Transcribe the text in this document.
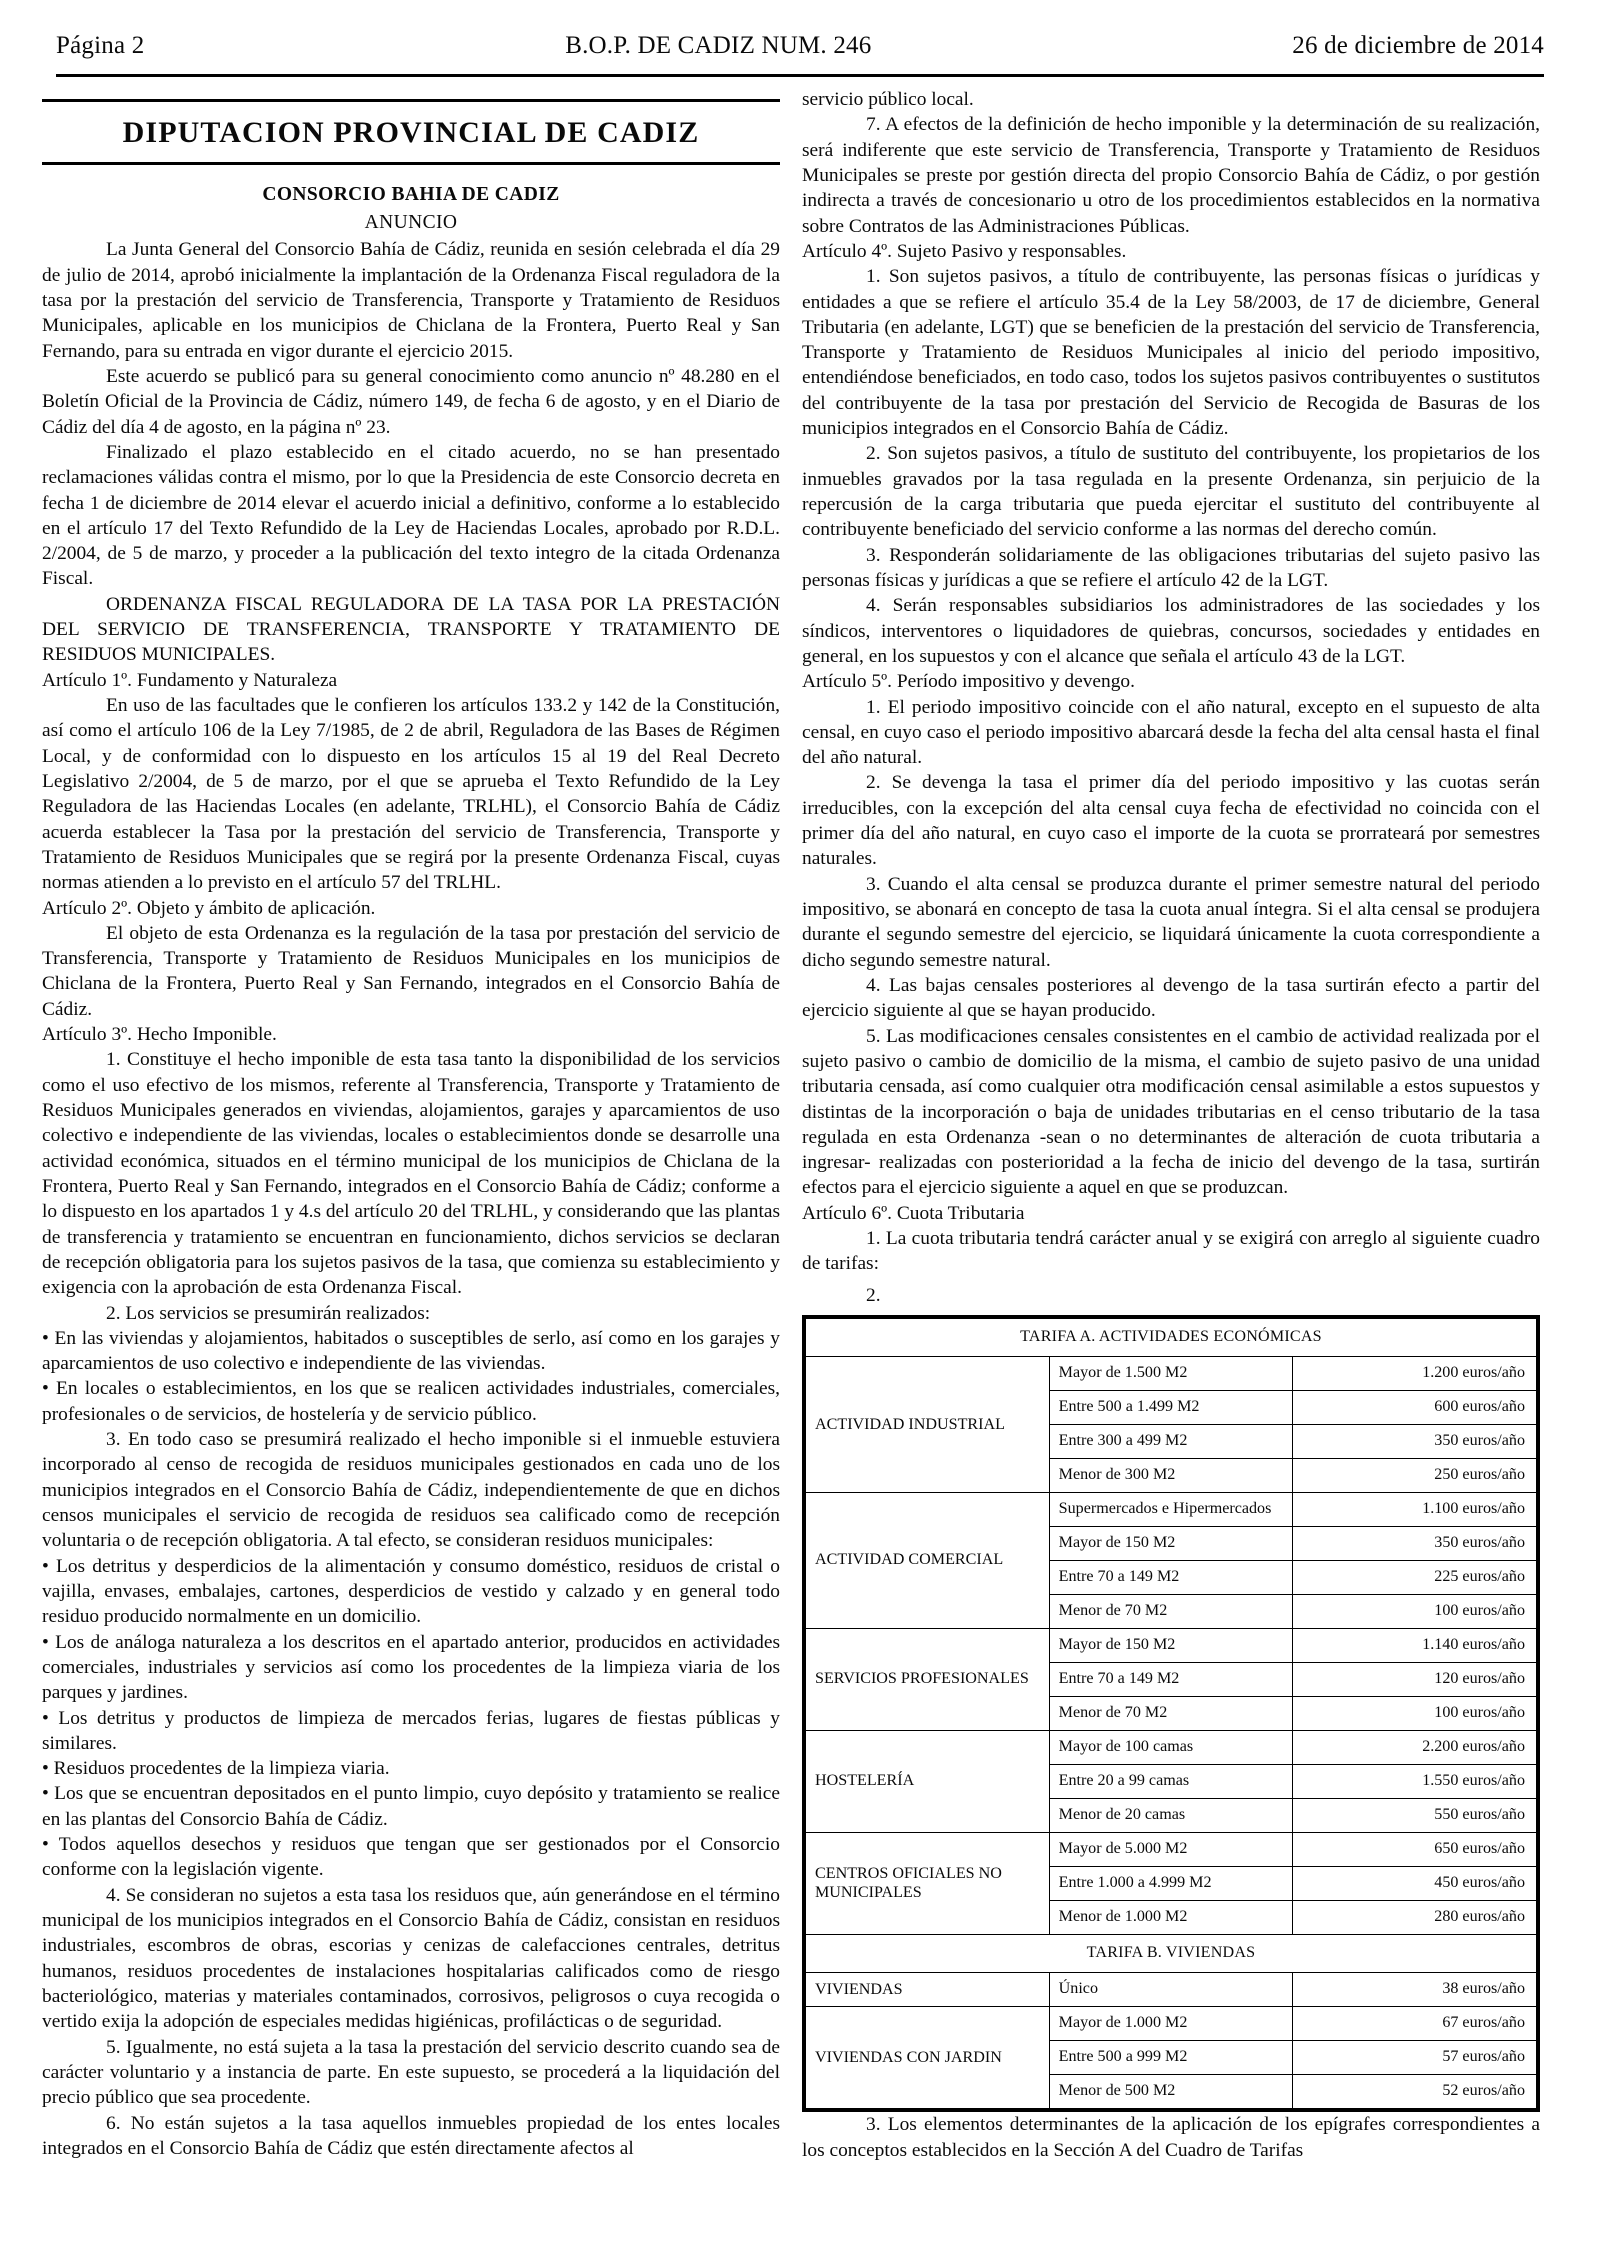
Página 2	B.O.P. DE CADIZ NUM. 246	26 de diciembre de 2014
DIPUTACION PROVINCIAL DE CADIZ
CONSORCIO BAHIA DE CADIZ
ANUNCIO

La Junta General del Consorcio Bahía de Cádiz, reunida en sesión celebrada el día 29 de julio de 2014, aprobó inicialmente la implantación de la Ordenanza Fiscal reguladora de la tasa por la prestación del servicio de Transferencia, Transporte y Tratamiento de Residuos Municipales, aplicable en los municipios de Chiclana de la Frontera, Puerto Real y San Fernando, para su entrada en vigor durante el ejercicio 2015.

Este acuerdo se publicó para su general conocimiento como anuncio nº 48.280 en el Boletín Oficial de la Provincia de Cádiz, número 149, de fecha 6 de agosto, y en el Diario de Cádiz del día 4 de agosto, en la página nº 23.

Finalizado el plazo establecido en el citado acuerdo, no se han presentado reclamaciones válidas contra el mismo, por lo que la Presidencia de este Consorcio decreta en fecha 1 de diciembre de 2014 elevar el acuerdo inicial a definitivo, conforme a lo establecido en el artículo 17 del Texto Refundido de la Ley de Haciendas Locales, aprobado por R.D.L. 2/2004, de 5 de marzo, y proceder a la publicación del texto integro de la citada Ordenanza Fiscal.

ORDENANZA FISCAL REGULADORA DE LA TASA POR LA PRESTACIÓN DEL SERVICIO DE TRANSFERENCIA, TRANSPORTE Y TRATAMIENTO DE RESIDUOS MUNICIPALES.

Artículo 1º. Fundamento y Naturaleza

En uso de las facultades que le confieren los artículos 133.2 y 142 de la Constitución, así como el artículo 106 de la Ley 7/1985, de 2 de abril, Reguladora de las Bases de Régimen Local, y de conformidad con lo dispuesto en los artículos 15 al 19 del Real Decreto Legislativo 2/2004, de 5 de marzo, por el que se aprueba el Texto Refundido de la Ley Reguladora de las Haciendas Locales (en adelante, TRLHL), el Consorcio Bahía de Cádiz acuerda establecer la Tasa por la prestación del servicio de Transferencia, Transporte y Tratamiento de Residuos Municipales que se regirá por la presente Ordenanza Fiscal, cuyas normas atienden a lo previsto en el artículo 57 del TRLHL.

Artículo 2º. Objeto y ámbito de aplicación.

El objeto de esta Ordenanza es la regulación de la tasa por prestación del servicio de Transferencia, Transporte y Tratamiento de Residuos Municipales en los municipios de Chiclana de la Frontera, Puerto Real y San Fernando, integrados en el Consorcio Bahía de Cádiz.

Artículo 3º. Hecho Imponible.

1. Constituye el hecho imponible de esta tasa tanto la disponibilidad de los servicios como el uso efectivo de los mismos, referente al Transferencia, Transporte y Tratamiento de Residuos Municipales generados en viviendas, alojamientos, garajes y aparcamientos de uso colectivo e independiente de las viviendas, locales o establecimientos donde se desarrolle una actividad económica, situados en el término municipal de los municipios de Chiclana de la Frontera, Puerto Real y San Fernando, integrados en el Consorcio Bahía de Cádiz; conforme a lo dispuesto en los apartados 1 y 4.s del artículo 20 del TRLHL, y considerando que las plantas de transferencia y tratamiento se encuentran en funcionamiento, dichos servicios se declaran de recepción obligatoria para los sujetos pasivos de la tasa, que comienza su establecimiento y exigencia con la aprobación de esta Ordenanza Fiscal.

2. Los servicios se presumirán realizados:

• En las viviendas y alojamientos, habitados o susceptibles de serlo, así como en los garajes y aparcamientos de uso colectivo e independiente de las viviendas.

• En locales o establecimientos, en los que se realicen actividades industriales, comerciales, profesionales o de servicios, de hostelería y de servicio público.

3. En todo caso se presumirá realizado el hecho imponible si el inmueble estuviera incorporado al censo de recogida de residuos municipales gestionados en cada uno de los municipios integrados en el Consorcio Bahía de Cádiz, independientemente de que en dichos censos municipales el servicio de recogida de residuos sea calificado como de recepción voluntaria o de recepción obligatoria. A tal efecto, se consideran residuos municipales:

• Los detritus y desperdicios de la alimentación y consumo doméstico, residuos de cristal o vajilla, envases, embalajes, cartones, desperdicios de vestido y calzado y en general todo residuo producido normalmente en un domicilio.

• Los de análoga naturaleza a los descritos en el apartado anterior, producidos en actividades comerciales, industriales y servicios así como los procedentes de la limpieza viaria de los parques y jardines.

• Los detritus y productos de limpieza de mercados ferias, lugares de fiestas públicas y similares.

• Residuos procedentes de la limpieza viaria.

• Los que se encuentran depositados en el punto limpio, cuyo depósito y tratamiento se realice en las plantas del Consorcio Bahía de Cádiz.

• Todos aquellos desechos y residuos que tengan que ser gestionados por el Consorcio conforme con la legislación vigente.

4. Se consideran no sujetos a esta tasa los residuos que, aún generándose en el término municipal de los municipios integrados en el Consorcio Bahía de Cádiz, consistan en residuos industriales, escombros de obras, escorias y cenizas de calefacciones centrales, detritus humanos, residuos procedentes de instalaciones hospitalarias calificados como de riesgo bacteriológico, materias y materiales contaminados, corrosivos, peligrosos o cuya recogida o vertido exija la adopción de especiales medidas higiénicas, profilácticas o de seguridad.

5. Igualmente, no está sujeta a la tasa la prestación del servicio descrito cuando sea de carácter voluntario y a instancia de parte. En este supuesto, se procederá a la liquidación del precio público que sea procedente.

6. No están sujetos a la tasa aquellos inmuebles propiedad de los entes locales integrados en el Consorcio Bahía de Cádiz que estén directamente afectos al

servicio público local.

7. A efectos de la definición de hecho imponible y la determinación de su realización, será indiferente que este servicio de Transferencia, Transporte y Tratamiento de Residuos Municipales se preste por gestión directa del propio Consorcio Bahía de Cádiz, o por gestión indirecta a través de concesionario u otro de los procedimientos establecidos en la normativa sobre Contratos de las Administraciones Públicas.

Artículo 4º. Sujeto Pasivo y responsables.

1. Son sujetos pasivos, a título de contribuyente, las personas físicas o jurídicas y entidades a que se refiere el artículo 35.4 de la Ley 58/2003, de 17 de diciembre, General Tributaria (en adelante, LGT) que se beneficien de la prestación del servicio de Transferencia, Transporte y Tratamiento de Residuos Municipales al inicio del periodo impositivo, entendiéndose beneficiados, en todo caso, todos los sujetos pasivos contribuyentes o sustitutos del contribuyente de la tasa por prestación del Servicio de Recogida de Basuras de los municipios integrados en el Consorcio Bahía de Cádiz.

2. Son sujetos pasivos, a título de sustituto del contribuyente, los propietarios de los inmuebles gravados por la tasa regulada en la presente Ordenanza, sin perjuicio de la repercusión de la carga tributaria que pueda ejercitar el sustituto del contribuyente al contribuyente beneficiado del servicio conforme a las normas del derecho común.

3. Responderán solidariamente de las obligaciones tributarias del sujeto pasivo las personas físicas y jurídicas a que se refiere el artículo 42 de la LGT.

4. Serán responsables subsidiarios los administradores de las sociedades y los síndicos, interventores o liquidadores de quiebras, concursos, sociedades y entidades en general, en los supuestos y con el alcance que señala el artículo 43 de la LGT.

Artículo 5º. Período impositivo y devengo.

1. El periodo impositivo coincide con el año natural, excepto en el supuesto de alta censal, en cuyo caso el periodo impositivo abarcará desde la fecha del alta censal hasta el final del año natural.

2. Se devenga la tasa el primer día del periodo impositivo y las cuotas serán irreducibles, con la excepción del alta censal cuya fecha de efectividad no coincida con el primer día del año natural, en cuyo caso el importe de la cuota se prorrateará por semestres naturales.

3. Cuando el alta censal se produzca durante el primer semestre natural del periodo impositivo, se abonará en concepto de tasa la cuota anual íntegra. Si el alta censal se produjera durante el segundo semestre del ejercicio, se liquidará únicamente la cuota correspondiente a dicho segundo semestre natural.

4. Las bajas censales posteriores al devengo de la tasa surtirán efecto a partir del ejercicio siguiente al que se hayan producido.

5. Las modificaciones censales consistentes en el cambio de actividad realizada por el sujeto pasivo o cambio de domicilio de la misma, el cambio de sujeto pasivo de una unidad tributaria censada, así como cualquier otra modificación censal asimilable a estos supuestos y distintas de la incorporación o baja de unidades tributarias en el censo tributario de la tasa regulada en esta Ordenanza -sean o no determinantes de alteración de cuota tributaria a ingresar- realizadas con posterioridad a la fecha de inicio del devengo de la tasa, surtirán efectos para el ejercicio siguiente a aquel en que se produzcan.

Artículo 6º. Cuota Tributaria

1. La cuota tributaria tendrá carácter anual y se exigirá con arreglo al siguiente cuadro de tarifas:

2.
TARIFA A. ACTIVIDADES ECONÓMICAS		
ACTIVIDAD INDUSTRIAL	Mayor de 1.500 M2	1.200 euros/año
	Entre 500 a 1.499 M2	600 euros/año
	Entre 300 a 499 M2	350 euros/año
	Menor de 300 M2	250 euros/año
ACTIVIDAD COMERCIAL	Supermercados e Hipermercados	1.100 euros/año
	Mayor de 150 M2	350 euros/año
	Entre 70 a 149 M2	225 euros/año
	Menor de 70 M2	100 euros/año
SERVICIOS PROFESIONALES	Mayor de 150 M2	1.140 euros/año
	Entre 70 a 149 M2	120 euros/año
	Menor de 70 M2	100 euros/año
HOSTELERÍA	Mayor de 100 camas	2.200 euros/año
	Entre 20 a 99 camas	1.550 euros/año
	Menor de 20 camas	550 euros/año
CENTROS OFICIALES NO MUNICIPALES	Mayor de 5.000 M2	650 euros/año
	Entre 1.000 a 4.999 M2	450 euros/año
	Menor de 1.000 M2	280 euros/año
TARIFA B. VIVIENDAS		
VIVIENDAS	Único	38 euros/año
VIVIENDAS CON JARDIN	Mayor de 1.000 M2	67 euros/año
	Entre 500 a 999 M2	57 euros/año
	Menor de 500 M2	52 euros/año

3. Los elementos determinantes de la aplicación de los epígrafes correspondientes a los conceptos establecidos en la Sección A del Cuadro de Tarifas
